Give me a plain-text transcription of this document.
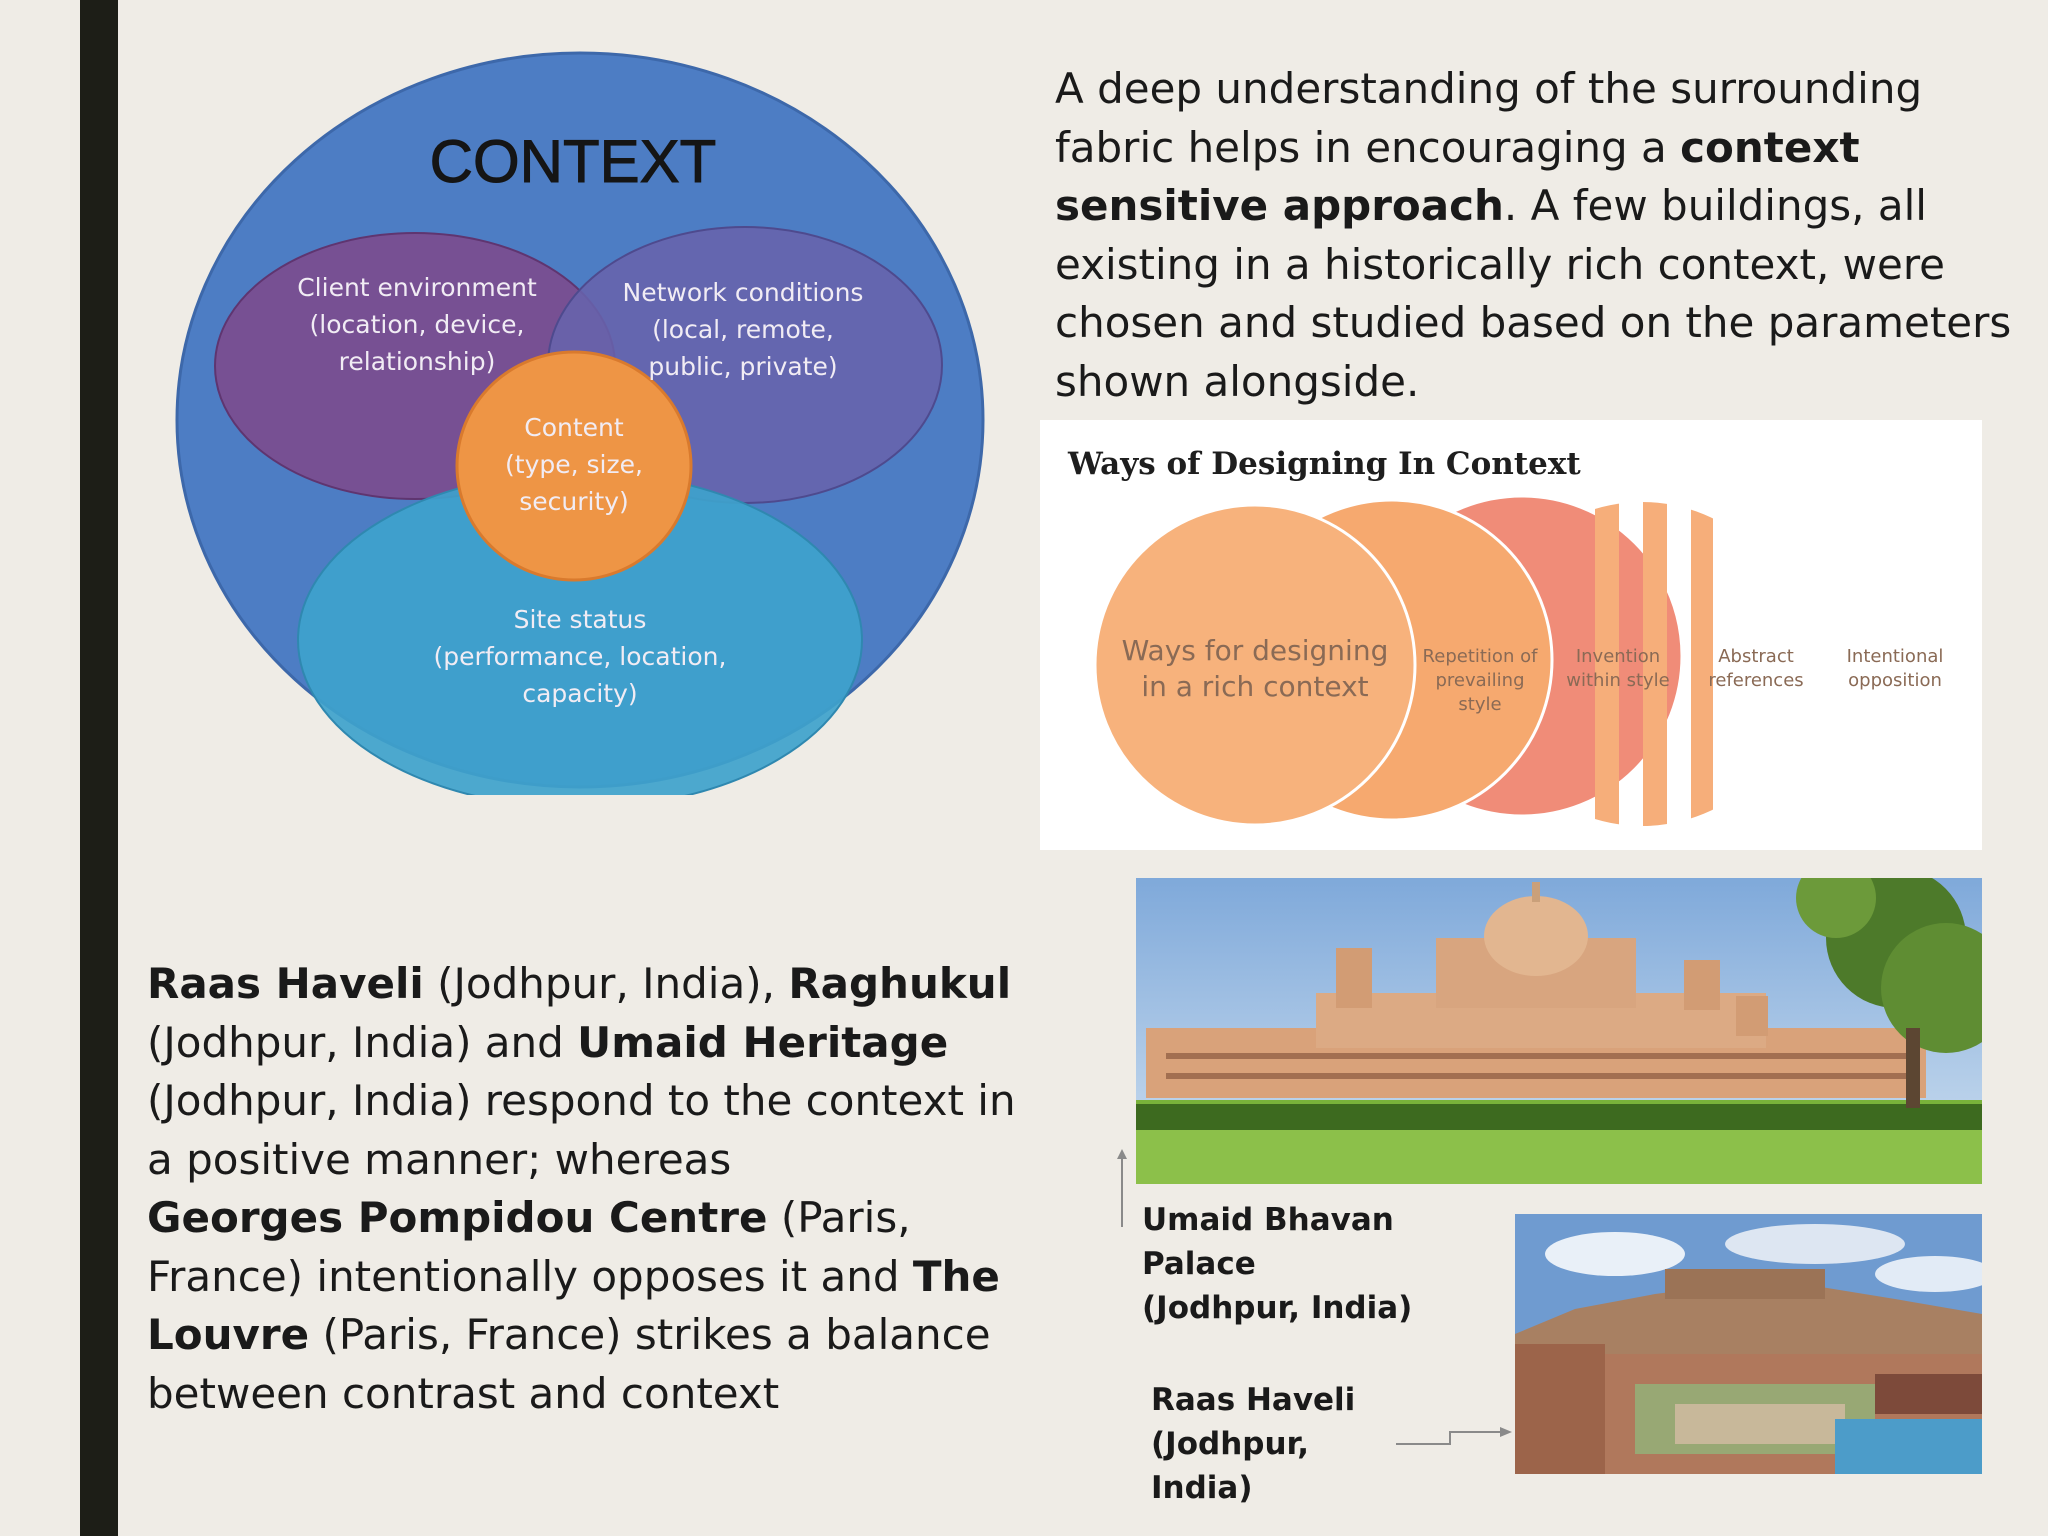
CONTEXT
Client environment
(location, device,
relationship)
Network conditions
(local, remote,
public, private)
Content
(type, size,
security)
Site status
(performance, location,
capacity)

A deep understanding of the surrounding fabric helps in encouraging a context sensitive approach. A few buildings, all existing in a historically rich context, were chosen and studied based on the parameters shown alongside.

Ways of Designing In Context
Ways for designing
in a rich context
Repetition of
prevailing
style
Invention
within style
Abstract
references
Intentional
opposition

Raas Haveli (Jodhpur, India), Raghukul (Jodhpur, India) and Umaid Heritage (Jodhpur, India) respond to the context in a positive manner; whereas
Georges Pompidou Centre (Paris, France) intentionally opposes it and The Louvre (Paris, France) strikes a balance between contrast and context

Umaid Bhavan Palace
(Jodhpur, India)

Raas Haveli
(Jodhpur,
India)
